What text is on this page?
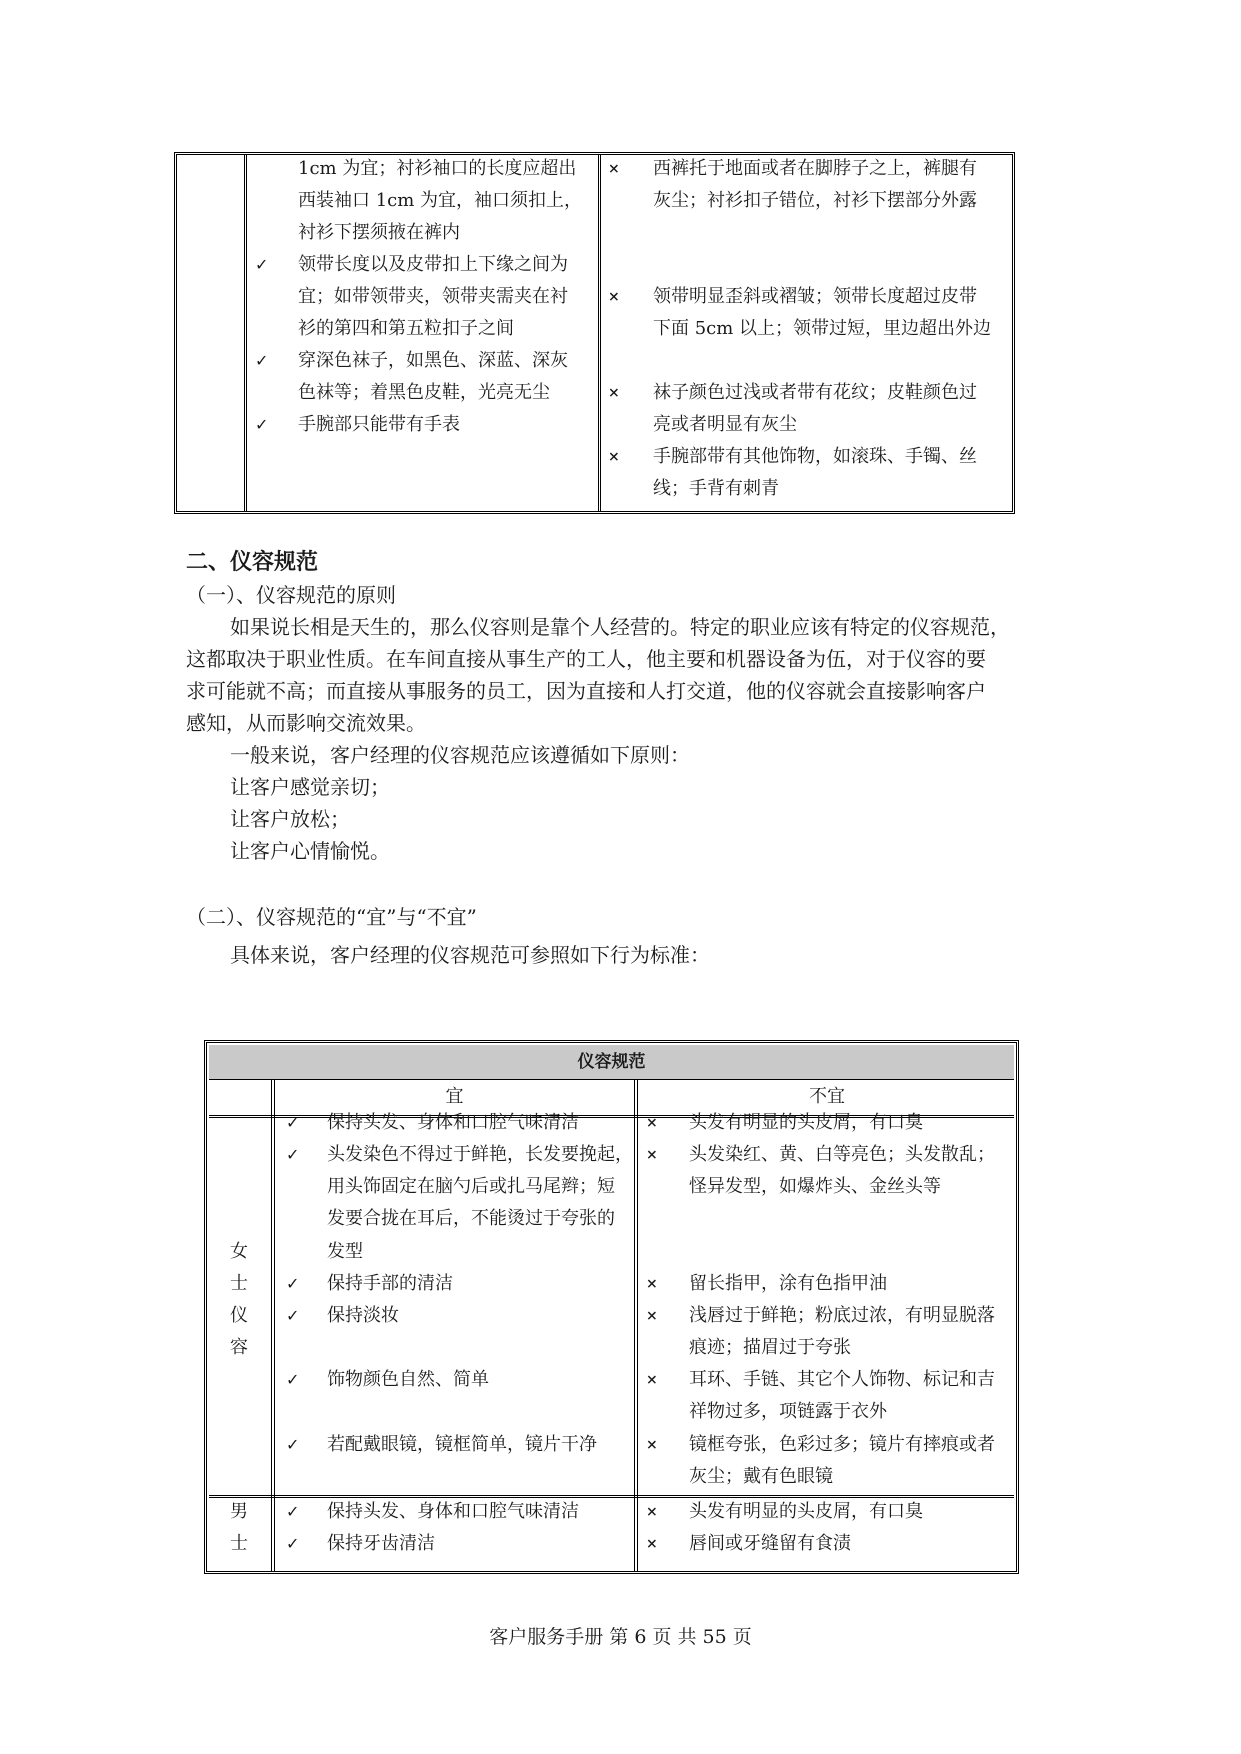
1cm 为宜；衬衫袖口的长度应超出
西装袖口 1cm 为宜，袖口须扣上，
衬衫下摆须掖在裤内
✓ 领带长度以及皮带扣上下缘之间为
宜；如带领带夹，领带夹需夹在衬
衫的第四和第五粒扣子之间
✓ 穿深色袜子，如黑色、深蓝、深灰
色袜等；着黑色皮鞋，光亮无尘
✓ 手腕部只能带有手表
× 西裤托于地面或者在脚脖子之上，裤腿有
灰尘；衬衫扣子错位，衬衫下摆部分外露
× 领带明显歪斜或褶皱；领带长度超过皮带
下面 5cm 以上；领带过短，里边超出外边
× 袜子颜色过浅或者带有花纹；皮鞋颜色过
亮或者明显有灰尘
× 手腕部带有其他饰物，如滚珠、手镯、丝
线；手背有刺青
二、仪容规范
（一）、仪容规范的原则
如果说长相是天生的，那么仪容则是靠个人经营的。特定的职业应该有特定的仪容规范，
这都取决于职业性质。在车间直接从事生产的工人，他主要和机器设备为伍，对于仪容的要
求可能就不高；而直接从事服务的员工，因为直接和人打交道，他的仪容就会直接影响客户
感知，从而影响交流效果。
一般来说，客户经理的仪容规范应该遵循如下原则：
让客户感觉亲切；
让客户放松；
让客户心情愉悦。
（二）、仪容规范的“宜”与“不宜”
具体来说，客户经理的仪容规范可参照如下行为标准：
仪容规范
宜	不宜
女
士
仪
容
✓ 保持头发、身体和口腔气味清洁
✓ 头发染色不得过于鲜艳，长发要挽起，
用头饰固定在脑勺后或扎马尾辫；短
发要合拢在耳后，不能烫过于夸张的
发型
✓ 保持手部的清洁
✓ 保持淡妆
✓ 饰物颜色自然、简单
✓ 若配戴眼镜，镜框简单，镜片干净
× 头发有明显的头皮屑，有口臭
× 头发染红、黄、白等亮色；头发散乱；
怪异发型，如爆炸头、金丝头等
× 留长指甲，涂有色指甲油
× 浅唇过于鲜艳；粉底过浓，有明显脱落
痕迹；描眉过于夸张
× 耳环、手链、其它个人饰物、标记和吉
祥物过多，项链露于衣外
× 镜框夸张，色彩过多；镜片有摔痕或者
灰尘；戴有色眼镜
男
士
✓ 保持头发、身体和口腔气味清洁
✓ 保持牙齿清洁
× 头发有明显的头皮屑，有口臭
× 唇间或牙缝留有食渍
客户服务手册 第 6 页 共 55 页
